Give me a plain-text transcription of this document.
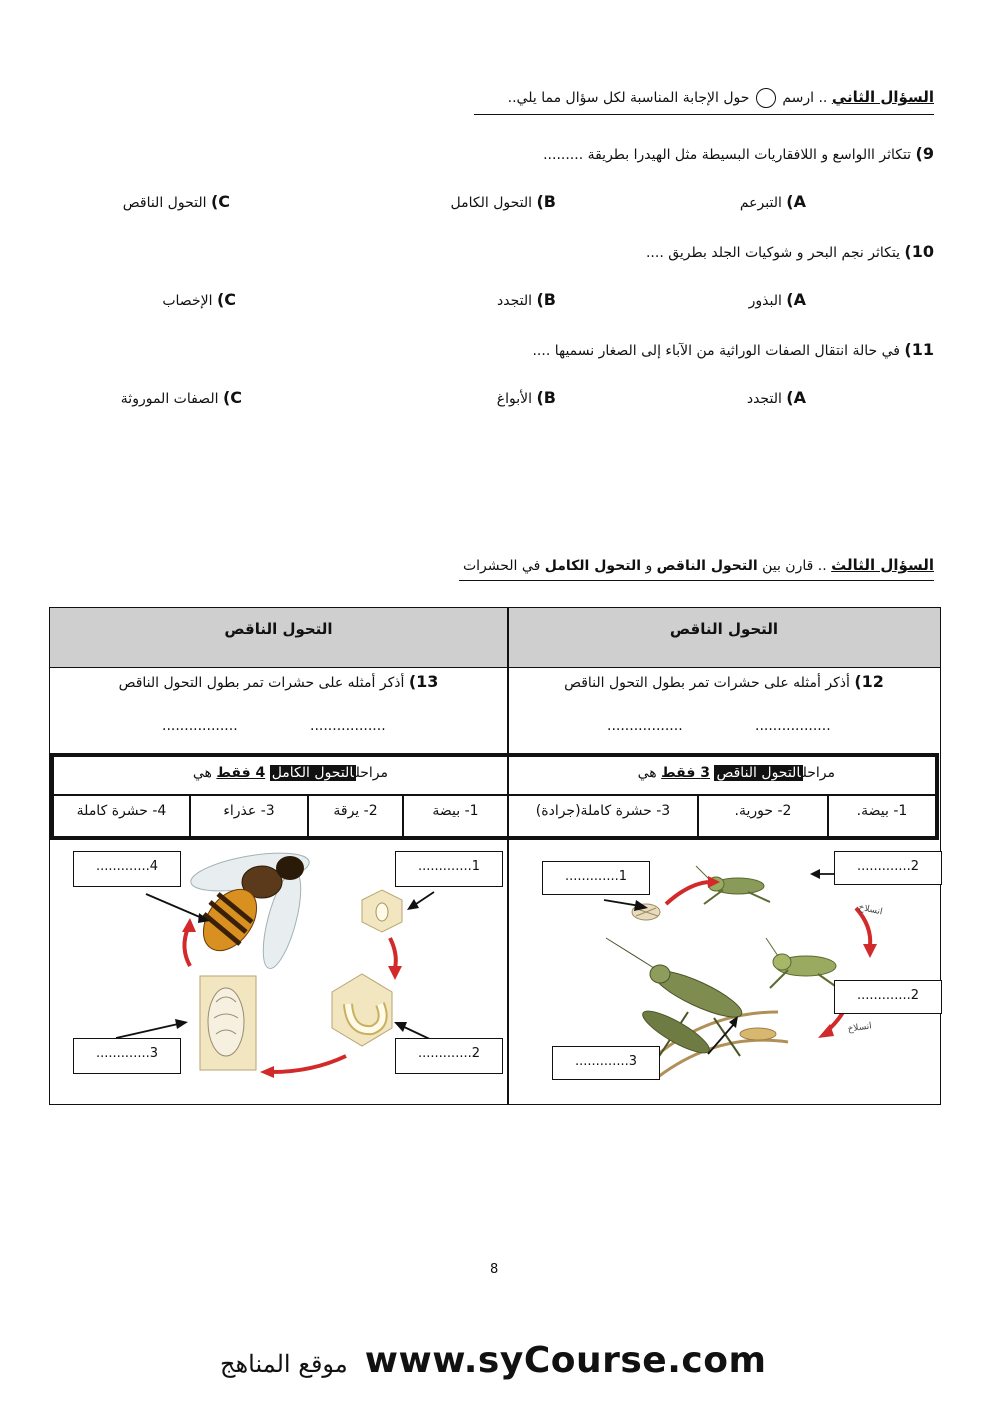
السؤال الثاني .. ارسم  حول الإجابة المناسبة لكل سؤال مما يلي..
9) تتكاثر االواسع و اللافقاريات البسيطة مثل الهيدرا بطريقة .........
A) التبرعم
B) التحول الكامل
C) التحول الناقص
10) يتكاثر نجم البحر و شوكيات الجلد بطريق ....
A) البذور
B) التجدد
C) الإخصاب
11) في حالة انتقال الصفات الوراثية من الآباء إلى الصغار نسميها ....
A) التجدد
B) الأبواغ
C) الصفات الموروثة
السؤال الثالث .. قارن بين التحول الناقص و التحول الكامل في الحشرات
التحول الناقص	التحول الناقص
12) أذكر أمثله على حشرات تمر بطول التحول الناقص
.................	.................
13) أذكر أمثله على حشرات تمر بطول التحول الناقص
.................	.................
مراحلالتحول الناقص 3 فقط هي
مراحلالتحول الكامل 4 فقط هي
1- بيضة.
2- حورية.
3- حشرة كاملة(جرادة)
1- بيضة
2- يرقة
3- عذراء
4- حشرة كاملة
انسلاخ
انسلاخ
.............2
.............1
.............2
.............3
.............1
.............4
.............2
.............3
8
موقع المناهج www.syCourse.com
